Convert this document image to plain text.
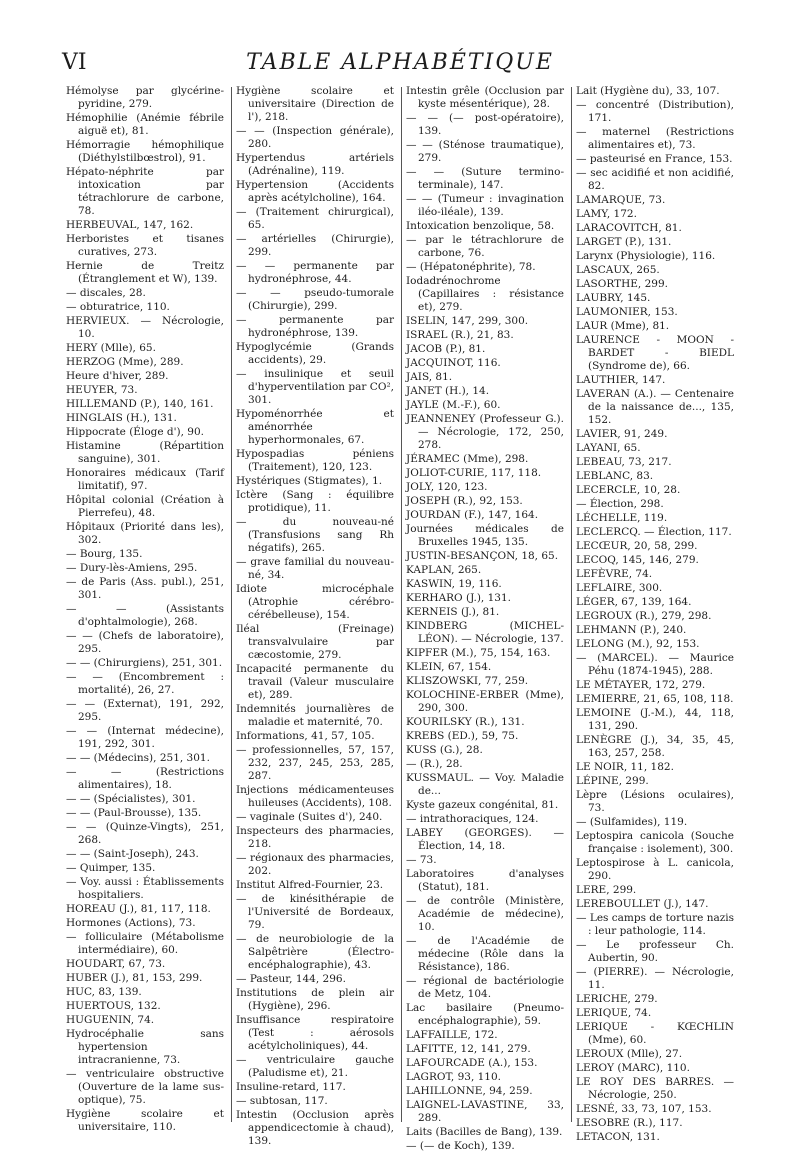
VI	TABLE ALPHABÉTIQUE
Hémolyse par glycérine-pyridine, 279.
Hémophilie (Anémie fébrile aiguë et), 81.
Hémorragie hémophilique (Diéthylstilbœstrol), 91.
Hépato-néphrite par intoxication par tétrachlorure de carbone, 78.
HERBEUVAL, 147, 162.
Herboristes et tisanes curatives, 273.
Hernie de Treitz (Étranglement et W), 139.
— discales, 28.
— obturatrice, 110.
HERVIEUX. — Nécrologie, 10.
HERY (Mlle), 65.
HERZOG (Mme), 289.
Heure d'hiver, 289.
HEUYER, 73.
HILLEMAND (P.), 140, 161.
HINGLAIS (H.), 131.
Hippocrate (Éloge d'), 90.
Histamine (Répartition sanguine), 301.
Honoraires médicaux (Tarif limitatif), 97.
Hôpital colonial (Création à Pierrefeu), 48.
Hôpitaux (Priorité dans les), 302.
— Bourg, 135.
— Dury-lès-Amiens, 295.
— de Paris (Ass. publ.), 251, 301.
— — (Assistants d'ophtalmologie), 268.
— — (Chefs de laboratoire), 295.
— — (Chirurgiens), 251, 301.
— — (Encombrement : mortalité), 26, 27.
— — (Externat), 191, 292, 295.
— — (Internat médecine), 191, 292, 301.
— — (Médecins), 251, 301.
— — (Restrictions alimentaires), 18.
— — (Spécialistes), 301.
— — (Paul-Brousse), 135.
— — (Quinze-Vingts), 251, 268.
— — (Saint-Joseph), 243.
— Quimper, 135.
— Voy. aussi : Établissements hospitaliers.
HOREAU (J.), 81, 117, 118.
Hormones (Actions), 73.
— folliculaire (Métabolisme intermédiaire), 60.
HOUDART, 67, 73.
HUBER (J.), 81, 153, 299.
HUC, 83, 139.
HUERTOUS, 132.
HUGUENIN, 74.
Hydrocéphalie sans hypertension intracranienne, 73.
— ventriculaire obstructive (Ouverture de la lame sus-optique), 75.
Hygiène scolaire et universitaire, 110.
Hygiène scolaire et universitaire (Direction de l'), 218.
— — (Inspection générale), 280.
Hypertendus artériels (Adrénaline), 119.
Hypertension (Accidents après acétylcholine), 164.
— (Traitement chirurgical), 65.
— artérielles (Chirurgie), 299.
— — permanente par hydronéphrose, 44.
— — pseudo-tumorale (Chirurgie), 299.
— permanente par hydronéphrose, 139.
Hypoglycémie (Grands accidents), 29.
— insulinique et seuil d'hyperventilation par CO², 301.
Hypoménorrhée et aménorrhée hyperhormonales, 67.
Hypospadias péniens (Traitement), 120, 123.
Hystériques (Stigmates), 1.
Ictère (Sang : équilibre protidique), 11.
— du nouveau-né (Transfusions sang Rh négatifs), 265.
— grave familial du nouveau-né, 34.
Idiote microcéphale (Atrophie cérébro-cérébelleuse), 154.
Iléal (Freinage) transvalvulaire par cæcostomie, 279.
Incapacité permanente du travail (Valeur musculaire et), 289.
Indemnités journalières de maladie et maternité, 70.
Informations, 41, 57, 105.
— professionnelles, 57, 157, 232, 237, 245, 253, 285, 287.
Injections médicamenteuses huileuses (Accidents), 108.
— vaginale (Suites d'), 240.
Inspecteurs des pharmacies, 218.
— régionaux des pharmacies, 202.
Institut Alfred-Fournier, 23.
— de kinésithérapie de l'Université de Bordeaux, 79.
— de neurobiologie de la Salpêtrière (Électro-encéphalographie), 43.
— Pasteur, 144, 296.
Institutions de plein air (Hygiène), 296.
Insuffisance respiratoire (Test : aérosols acétylcholiniques), 44.
— ventriculaire gauche (Paludisme et), 21.
Insuline-retard, 117.
— subtosan, 117.
Intestin (Occlusion après appendicectomie à chaud), 139.
Intestin grêle (Occlusion par kyste mésentérique), 28.
— — (— post-opératoire), 139.
— — (Sténose traumatique), 279.
— — (Suture termino-terminale), 147.
— — (Tumeur : invagination iléo-iléale), 139.
Intoxication benzolique, 58.
— par le tétrachlorure de carbone, 76.
— (Hépatonéphrite), 78.
Iodadrénochrome (Capillaires : résistance et), 279.
ISELIN, 147, 299, 300.
ISRAEL (R.), 21, 83.
JACOB (P.), 81.
JACQUINOT, 116.
JAIS, 81.
JANET (H.), 14.
JAYLE (M.-F.), 60.
JEANNENEY (Professeur G.). — Nécrologie, 172, 250, 278.
JÉRAMEC (Mme), 298.
JOLIOT-CURIE, 117, 118.
JOLY, 120, 123.
JOSEPH (R.), 92, 153.
JOURDAN (F.), 147, 164.
Journées médicales de Bruxelles 1945, 135.
JUSTIN-BESANÇON, 18, 65.
KAPLAN, 265.
KASWIN, 19, 116.
KERHARO (J.), 131.
KERNEIS (J.), 81.
KINDBERG (MICHEL-LÉON). — Nécrologie, 137.
KIPFER (M.), 75, 154, 163.
KLEIN, 67, 154.
KLISZOWSKI, 77, 259.
KOLOCHINE-ERBER (Mme), 290, 300.
KOURILSKY (R.), 131.
KREBS (ED.), 59, 75.
KUSS (G.), 28.
— (R.), 28.
KUSSMAUL. — Voy. Maladie de...
Kyste gazeux congénital, 81.
— intrathoraciques, 124.
LABEY (GEORGES). — Élection, 14, 18.
— 73.
Laboratoires d'analyses (Statut), 181.
— de contrôle (Ministère, Académie de médecine), 10.
— de l'Académie de médecine (Rôle dans la Résistance), 186.
— régional de bactériologie de Metz, 104.
Lac basilaire (Pneumo-encéphalographie), 59.
LAFFAILLE, 172.
LAFITTE, 12, 141, 279.
LAFOURCADE (A.), 153.
LAGROT, 93, 110.
LAHILLONNE, 94, 259.
LAIGNEL-LAVASTINE, 33, 289.
Laits (Bacilles de Bang), 139.
— (— de Koch), 139.
Lait (Hygiène du), 33, 107.
— concentré (Distribution), 171.
— maternel (Restrictions alimentaires et), 73.
— pasteurisé en France, 153.
— sec acidifié et non acidifié, 82.
LAMARQUE, 73.
LAMY, 172.
LARACOVITCH, 81.
LARGET (P.), 131.
Larynx (Physiologie), 116.
LASCAUX, 265.
LASORTHE, 299.
LAUBRY, 145.
LAUMONIER, 153.
LAUR (Mme), 81.
LAURENCE - MOON - BARDET - BIEDL (Syndrome de), 66.
LAUTHIER, 147.
LAVERAN (A.). — Centenaire de la naissance de..., 135, 152.
LAVIER, 91, 249.
LAYANI, 65.
LEBEAU, 73, 217.
LEBLANC, 83.
LECERCLE, 10, 28.
— Élection, 298.
LÉCHELLE, 119.
LECLERCQ. — Élection, 117.
LECŒUR, 20, 58, 299.
LECOQ, 145, 146, 279.
LEFÈVRE, 74.
LEFLAIRE, 300.
LÉGER, 67, 139, 164.
LEGROUX (R.), 279, 298.
LEHMANN (P.), 240.
LELONG (M.), 92, 153.
— (MARCEL). — Maurice Péhu (1874-1945), 288.
LE MÉTAYER, 172, 279.
LEMIERRE, 21, 65, 108, 118.
LEMOINE (J.-M.), 44, 118, 131, 290.
LENÈGRE (J.), 34, 35, 45, 163, 257, 258.
LE NOIR, 11, 182.
LÉPINE, 299.
Lèpre (Lésions oculaires), 73.
— (Sulfamides), 119.
Leptospira canicola (Souche française : isolement), 300.
Leptospirose à L. canicola, 290.
LERE, 299.
LEREBOULLET (J.), 147.
— Les camps de torture nazis : leur pathologie, 114.
— Le professeur Ch. Aubertin, 90.
— (PIERRE). — Nécrologie, 11.
LERICHE, 279.
LERIQUE, 74.
LERIQUE - KŒCHLIN (Mme), 60.
LEROUX (Mlle), 27.
LEROY (MARC), 110.
LE ROY DES BARRES. — Nécrologie, 250.
LESNÉ, 33, 73, 107, 153.
LESOBRE (R.), 117.
LETACON, 131.
